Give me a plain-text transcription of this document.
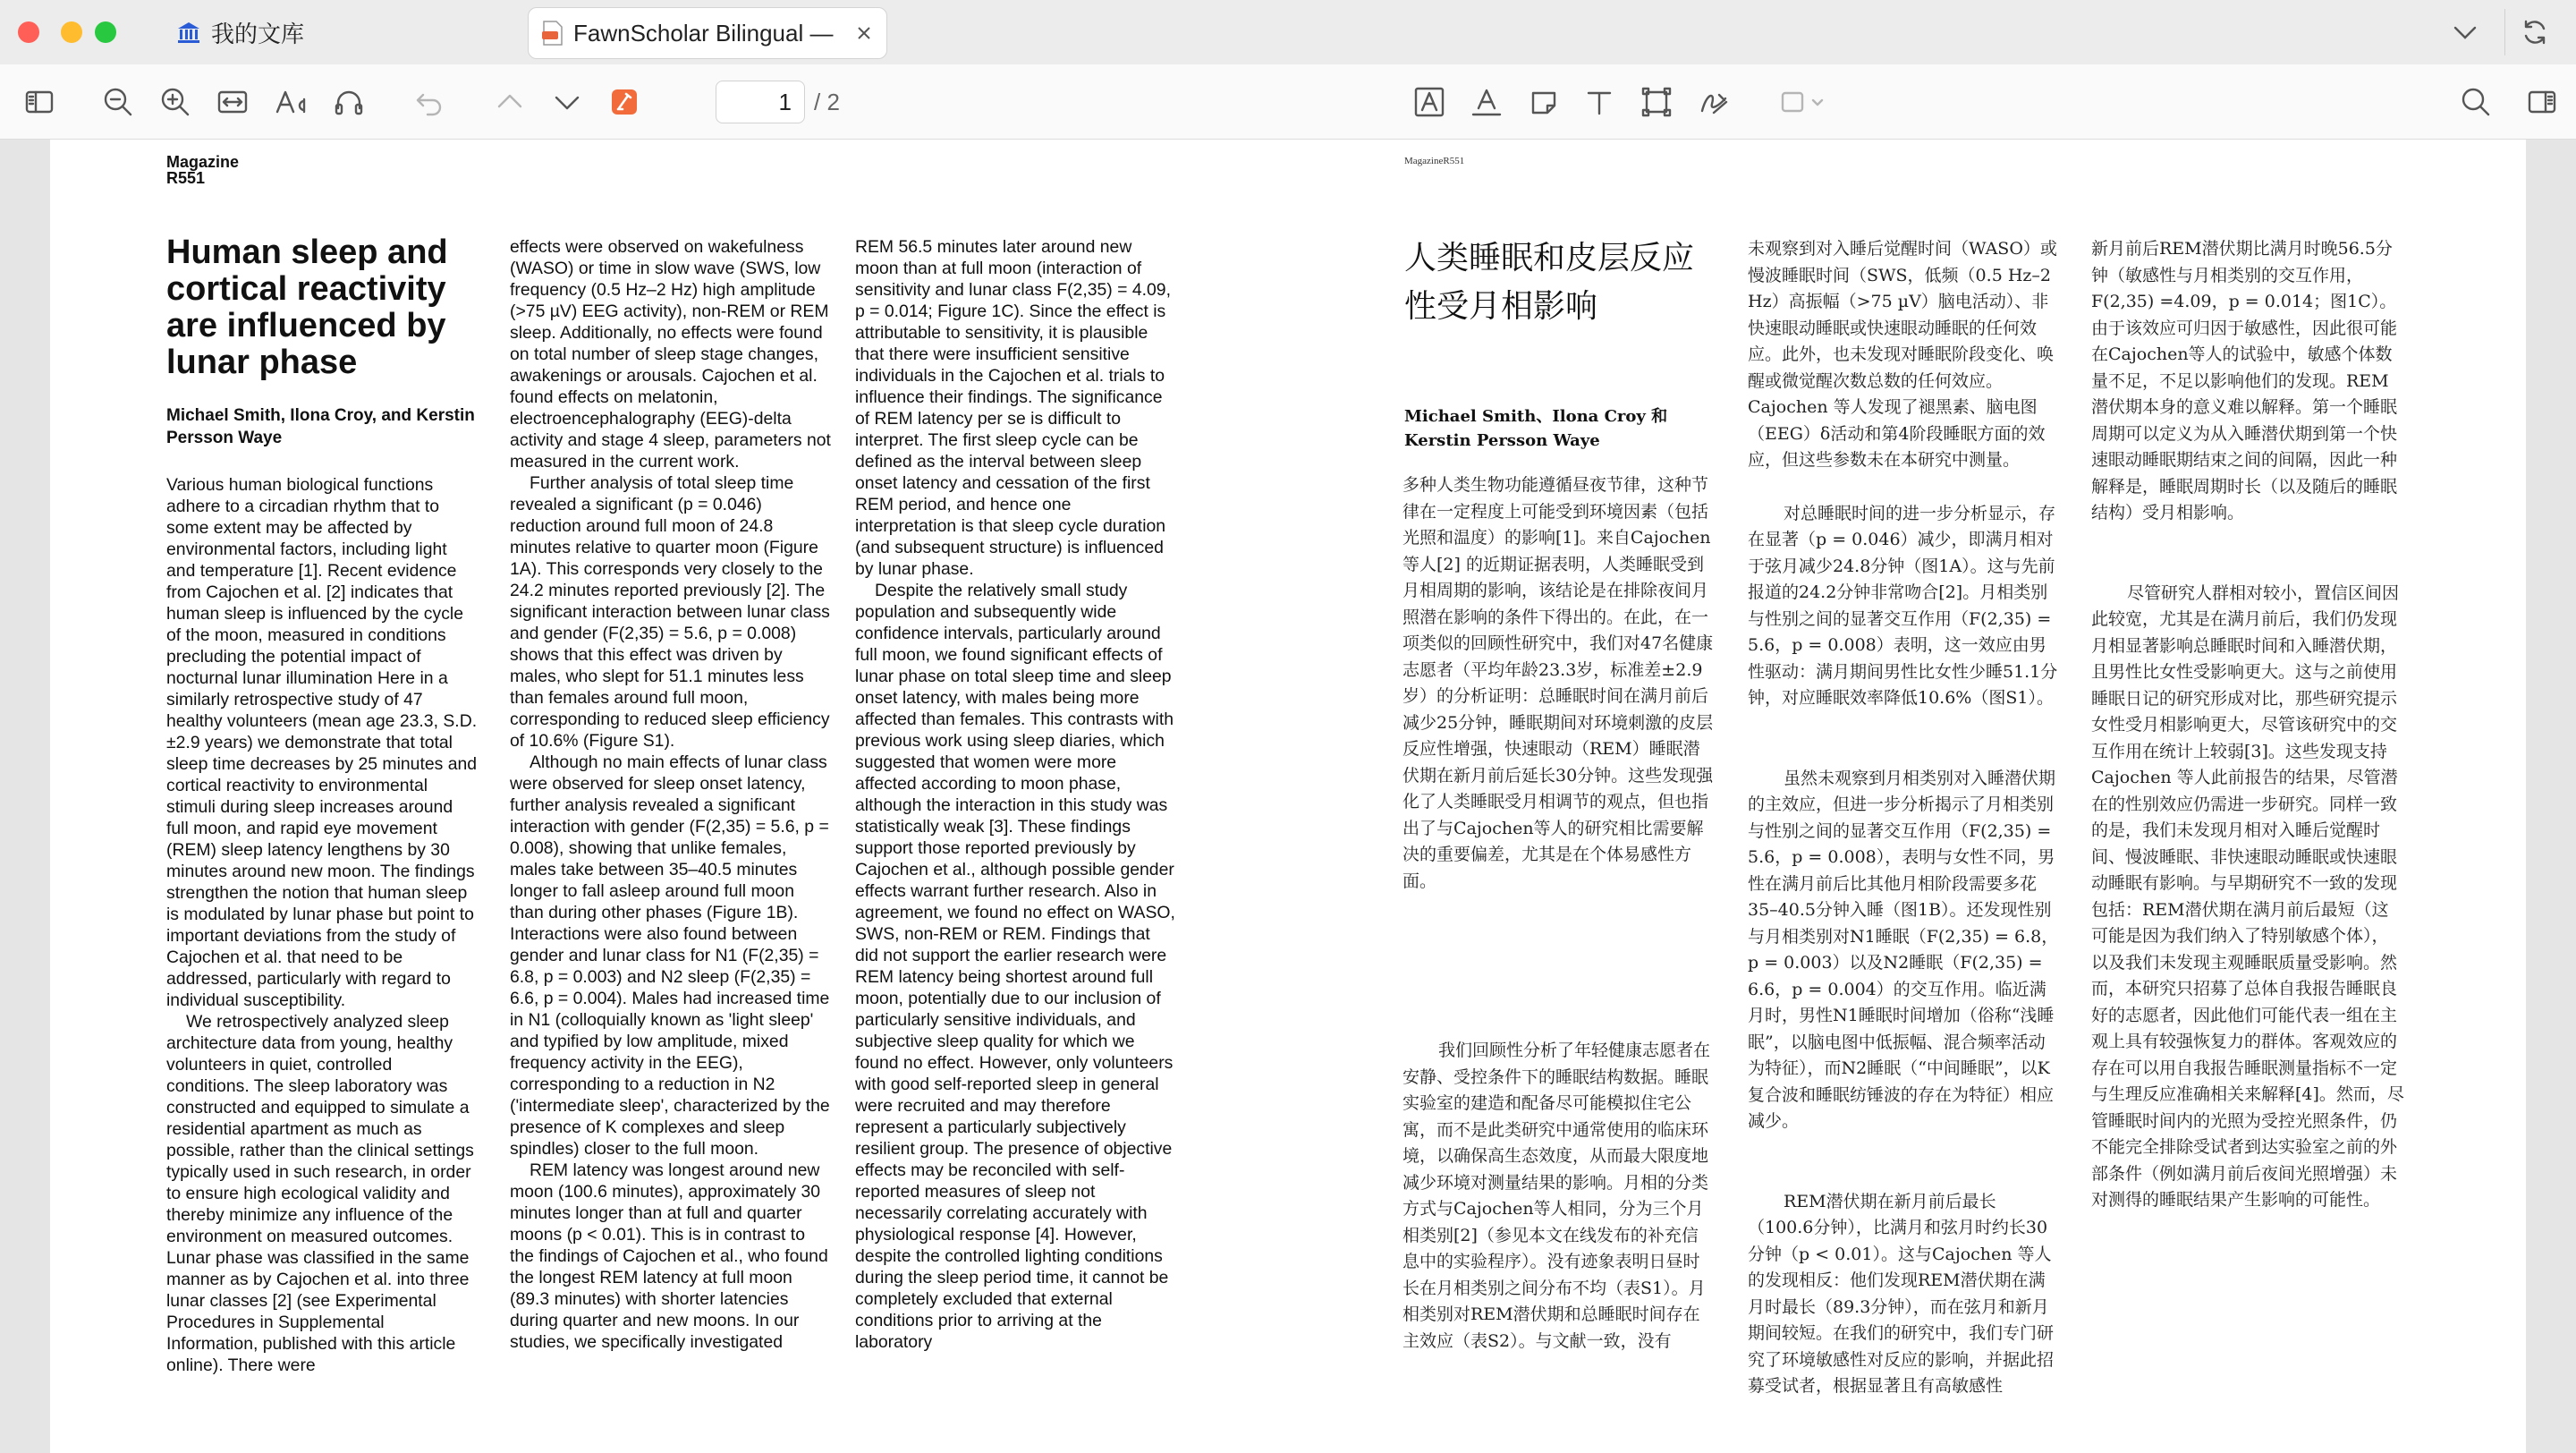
我的文库	FawnScholar Bilingual —
1 / 2
Magazine
R551
Human sleep and cortical reactivity are influenced by lunar phase
Michael Smith, Ilona Croy, and Kerstin Persson Waye

Various human biological functions adhere to a circadian rhythm that to some extent may be affected by environmental factors, including light and temperature [1]. Recent evidence from Cajochen et al. [2] indicates that human sleep is influenced by the cycle of the moon, measured in conditions precluding the potential impact of nocturnal lunar illumination Here in a similarly retrospective study of 47 healthy volunteers (mean age 23.3, S.D. ±2.9 years) we demonstrate that total sleep time decreases by 25 minutes and cortical reactivity to environmental stimuli during sleep increases around full moon, and rapid eye movement (REM) sleep latency lengthens by 30 minutes around new moon. The findings strengthen the notion that human sleep is modulated by lunar phase but point to important deviations from the study of Cajochen et al. that need to be addressed, particularly with regard to individual susceptibility.

We retrospectively analyzed sleep architecture data from young, healthy volunteers in quiet, controlled conditions. The sleep laboratory was constructed and equipped to simulate a residential apartment as much as possible, rather than the clinical settings typically used in such research, in order to ensure high ecological validity and thereby minimize any influence of the environment on measured outcomes. Lunar phase was classified in the same manner as by Cajochen et al. into three lunar classes [2] (see Experimental Procedures in Supplemental Information, published with this article online). There were

effects were observed on wakefulness (WASO) or time in slow wave (SWS, low frequency (0.5 Hz–2 Hz) high amplitude (>75 µV) EEG activity), non-REM or REM sleep. Additionally, no effects were found on total number of sleep stage changes, awakenings or arousals. Cajochen et al. found effects on melatonin, electroencephalography (EEG)-delta activity and stage 4 sleep, parameters not measured in the current work.

Further analysis of total sleep time revealed a significant (p = 0.046) reduction around full moon of 24.8 minutes relative to quarter moon (Figure 1A). This corresponds very closely to the 24.2 minutes reported previously [2]. The significant interaction between lunar class and gender (F(2,35) = 5.6, p = 0.008) shows that this effect was driven by males, who slept for 51.1 minutes less than females around full moon, corresponding to reduced sleep efficiency of 10.6% (Figure S1).

Although no main effects of lunar class were observed for sleep onset latency, further analysis revealed a significant interaction with gender (F(2,35) = 5.6, p = 0.008), showing that unlike females, males take between 35–40.5 minutes longer to fall asleep around full moon than during other phases (Figure 1B). Interactions were also found between gender and lunar class for N1 (F(2,35) = 6.8, p = 0.003) and N2 sleep (F(2,35) = 6.6, p = 0.004). Males had increased time in N1 (colloquially known as 'light sleep' and typified by low amplitude, mixed frequency activity in the EEG), corresponding to a reduction in N2 ('intermediate sleep', characterized by the presence of K complexes and sleep spindles) closer to the full moon.

REM latency was longest around new moon (100.6 minutes), approximately 30 minutes longer than at full and quarter moons (p < 0.01). This is in contrast to the findings of Cajochen et al., who found the longest REM latency at full moon (89.3 minutes) with shorter latencies during quarter and new moons. In our studies, we specifically investigated

REM 56.5 minutes later around new moon than at full moon (interaction of sensitivity and lunar class F(2,35) = 4.09, p = 0.014; Figure 1C). Since the effect is attributable to sensitivity, it is plausible that there were insufficient sensitive individuals in the Cajochen et al. trials to influence their findings. The significance of REM latency per se is difficult to interpret. The first sleep cycle can be defined as the interval between sleep onset latency and cessation of the first REM period, and hence one interpretation is that sleep cycle duration (and subsequent structure) is influenced by lunar phase.

Despite the relatively small study population and subsequently wide confidence intervals, particularly around full moon, we found significant effects of lunar phase on total sleep time and sleep onset latency, with males being more affected than females. This contrasts with previous work using sleep diaries, which suggested that women were more affected according to moon phase, although the interaction in this study was statistically weak [3]. These findings support those reported previously by Cajochen et al., although possible gender effects warrant further research. Also in agreement, we found no effect on WASO, SWS, non-REM or REM. Findings that did not support the earlier research were REM latency being shortest around full moon, potentially due to our inclusion of particularly sensitive individuals, and subjective sleep quality for which we found no effect. However, only volunteers with good self-reported sleep in general were recruited and may therefore represent a particularly subjectively resilient group. The presence of objective effects may be reconciled with self-reported measures of sleep not necessarily correlating accurately with physiological response [4]. However, despite the controlled lighting conditions during the sleep period time, it cannot be completely excluded that external conditions prior to arriving at the laboratory

MagazineR551
人类睡眠和皮层反应性受月相影响
Michael Smith、Ilona Croy 和 Kerstin Persson Waye

多种人类生物功能遵循昼夜节律，这种节律在一定程度上可能受到环境因素（包括光照和温度）的影响[1]。来自Cajochen 等人[2] 的近期证据表明，人类睡眠受到月相周期的影响，该结论是在排除夜间月照潜在影响的条件下得出的。在此，在一项类似的回顾性研究中，我们对47名健康志愿者（平均年龄23.3岁，标准差±2.9岁）的分析证明：总睡眠时间在满月前后减少25分钟，睡眠期间对环境刺激的皮层反应性增强，快速眼动（REM）睡眠潜伏期在新月前后延长30分钟。这些发现强化了人类睡眠受月相调节的观点，但也指出了与Cajochen等人的研究相比需要解决的重要偏差，尤其是在个体易感性方面。

我们回顾性分析了年轻健康志愿者在安静、受控条件下的睡眠结构数据。睡眠实验室的建造和配备尽可能模拟住宅公寓，而不是此类研究中通常使用的临床环境，以确保高生态效度，从而最大限度地减少环境对测量结果的影响。月相的分类方式与Cajochen等人相同，分为三个月相类别[2]（参见本文在线发布的补充信息中的实验程序）。没有迹象表明日昼时长在月相类别之间分布不均（表S1）。月相类别对REM潜伏期和总睡眠时间存在主效应（表S2）。与文献一致，没有

未观察到对入睡后觉醒时间（WASO）或慢波睡眠时间（SWS，低频（0.5 Hz–2 Hz）高振幅（>75 µV）脑电活动）、非快速眼动睡眠或快速眼动睡眠的任何效应。此外，也未发现对睡眠阶段变化、唤醒或微觉醒次数总数的任何效应。Cajochen 等人发现了褪黑素、脑电图（EEG）δ活动和第4阶段睡眠方面的效应，但这些参数未在本研究中测量。

对总睡眠时间的进一步分析显示，存在显著（p = 0.046）减少，即满月相对于弦月减少24.8分钟（图1A）。这与先前报道的24.2分钟非常吻合[2]。月相类别与性别之间的显著交互作用（F(2,35) = 5.6，p = 0.008）表明，这一效应由男性驱动：满月期间男性比女性少睡51.1分钟，对应睡眠效率降低10.6%（图S1）。

虽然未观察到月相类别对入睡潜伏期的主效应，但进一步分析揭示了月相类别与性别之间的显著交互作用（F(2,35) = 5.6，p = 0.008），表明与女性不同，男性在满月前后比其他月相阶段需要多花35–40.5分钟入睡（图1B）。还发现性别与月相类别对N1睡眠（F(2,35) = 6.8，p = 0.003）以及N2睡眠（F(2,35) = 6.6，p = 0.004）的交互作用。临近满月时，男性N1睡眠时间增加（俗称“浅睡眠”，以脑电图中低振幅、混合频率活动为特征），而N2睡眠（“中间睡眠”，以K复合波和睡眠纺锤波的存在为特征）相应减少。

REM潜伏期在新月前后最长（100.6分钟），比满月和弦月时约长30分钟（p < 0.01）。这与Cajochen 等人的发现相反：他们发现REM潜伏期在满月时最长（89.3分钟），而在弦月和新月期间较短。在我们的研究中，我们专门研究了环境敏感性对反应的影响，并据此招募受试者，根据显著且有高敏感性

新月前后REM潜伏期比满月时晚56.5分钟（敏感性与月相类别的交互作用，F(2,35) =4.09，p = 0.014；图1C）。由于该效应可归因于敏感性，因此很可能在Cajochen等人的试验中，敏感个体数量不足，不足以影响他们的发现。REM潜伏期本身的意义难以解释。第一个睡眠周期可以定义为从入睡潜伏期到第一个快速眼动睡眠期结束之间的间隔，因此一种解释是，睡眠周期时长（以及随后的睡眠结构）受月相影响。

尽管研究人群相对较小，置信区间因此较宽，尤其是在满月前后，我们仍发现月相显著影响总睡眠时间和入睡潜伏期，且男性比女性受影响更大。这与之前使用睡眠日记的研究形成对比，那些研究提示女性受月相影响更大，尽管该研究中的交互作用在统计上较弱[3]。这些发现支持Cajochen 等人此前报告的结果，尽管潜在的性别效应仍需进一步研究。同样一致的是，我们未发现月相对入睡后觉醒时间、慢波睡眠、非快速眼动睡眠或快速眼动睡眠有影响。与早期研究不一致的发现包括：REM潜伏期在满月前后最短（这可能是因为我们纳入了特别敏感个体），以及我们未发现主观睡眠质量受影响。然而，本研究只招募了总体自我报告睡眠良好的志愿者，因此他们可能代表一组在主观上具有较强恢复力的群体。客观效应的存在可以用自我报告睡眠测量指标不一定与生理反应准确相关来解释[4]。然而，尽管睡眠时间内的光照为受控光照条件，仍不能完全排除受试者到达实验室之前的外部条件（例如满月前后夜间光照增强）未对测得的睡眠结果产生影响的可能性。
